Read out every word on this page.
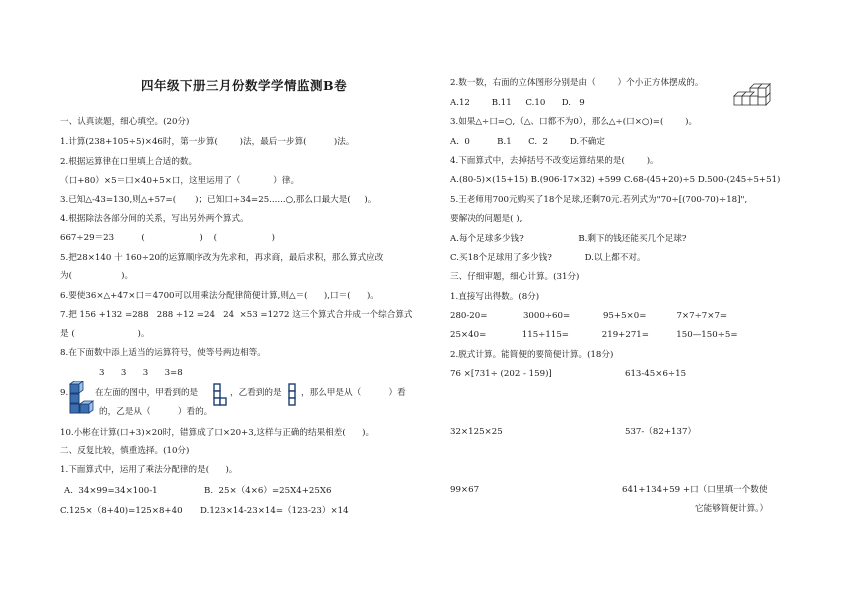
四年级下册三月份数学学情监测B卷
一、认真读题，细心填空。(20分)
1.计算(238+105÷5)×46时，第一步算(        )法，最后一步算(          )法。
2.根据运算律在口里填上合适的数。
（口+80）×5＝口×40+5×口，这里运用了（            ）律。
3.已知△-43=130,则△+57=(       )；已知口÷34=25......○,那么口最大是(     )。
4.根据除法各部分间的关系，写出另外两个算式。
667÷29＝23          (                    )    (                    )
5.把28×140 十 160÷20的运算顺序改为先求和，再求商，最后求积，那么算式应改
为(                  )。
6.要使36×△+47×口＝4700可以用乘法分配律简便计算,则△＝(      ),口＝(      )。
7.把 156 +132 =288   288 ÷12 =24   24  ×53 =1272 这三个算式合并成一个综合算式
是 (                       )。
8.在下面数中添上适当的运算符号，使等号两边相等。
3      3      3      3=8
9.	在左面的图中，甲看到的是	，乙看到的是 ，那么甲是从（          ）看
的，乙是从（          ）看的。
10.小彬在计算(口+3)×20时，错算成了口×20+3,这样与正确的结果相差(      )。
二、反复比较，慎重选择。(10分)
1.下面算式中，运用了乘法分配律的是(      )。
A.  34×99=34×100-1	B.  25×（4×6）=25X4+25X6
C.125×（8+40)=125×8+40 D.123×14-23×14=（123-23）×14
2.数一数，右面的立体图形分别是由（        ）个小正方体摆成的。
A.12        B.11     C.10      D.   9
3.如果△÷口=○,（△、口都不为0），那么△÷(口×○)=(        )。
A.  0          B.1      C.  2        D.不确定
4.下面算式中，去掉括号不改变运算结果的是(        )。
A.(80-5)×(15+15) B.(906-17×32) +599 C.68-(45+20)÷5 D.500-(245÷5+51)
5.王老师用700元购买了18个足球,还剩70元.若列式为"70÷[(700-70)÷18]",
要解决的问题是( ),
A.每个足球多少钱?                    B.剩下的钱还能买几个足球?
C.买18个足球用了多少钱?            D.以上都不对。
三、仔细审题，细心计算。(31分)
1.直接写出得数。(8分)
280-20=             3000÷60=            95+5×0=           7×7÷7×7=
25×40=             115÷115=            219+271=          150—150÷5=
2.脱式计算。能简便的要简便计算。(18分)
76 ×[731÷ (202 - 159)]	613-45×6÷15
32×125×25	537-（82+137）
99×67	641+134+59 +口（口里填一个数使
它能够简便计算。）
